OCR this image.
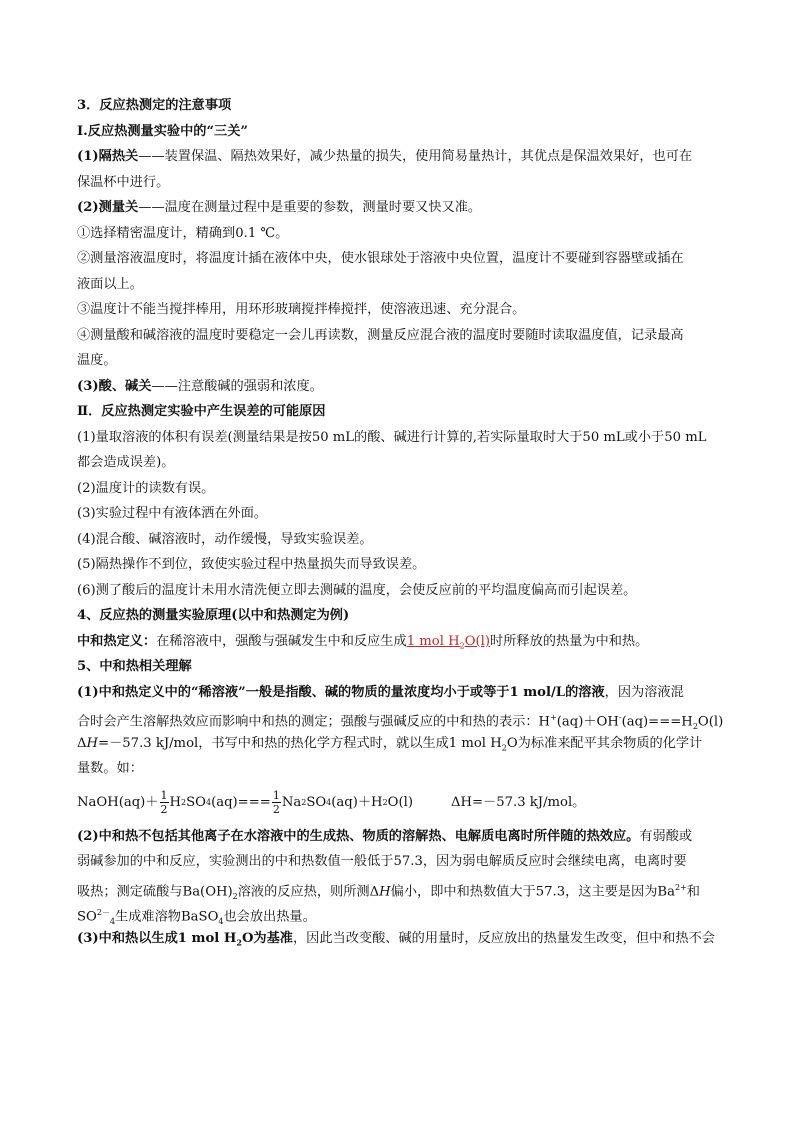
3．反应热测定的注意事项
Ⅰ.反应热测量实验中的“三关”
(1)隔热关——装置保温、隔热效果好，减少热量的损失，使用简易量热计，其优点是保温效果好，也可在
保温杯中进行。
(2)测量关——温度在测量过程中是重要的参数，测量时要又快又准。
①选择精密温度计，精确到0.1 ℃。
②测量溶液温度时，将温度计插在液体中央，使水银球处于溶液中央位置，温度计不要碰到容器壁或插在
液面以上。
③温度计不能当搅拌棒用，用环形玻璃搅拌棒搅拌，使溶液迅速、充分混合。
④测量酸和碱溶液的温度时要稳定一会儿再读数，测量反应混合液的温度时要随时读取温度值，记录最高
温度。
(3)酸、碱关——注意酸碱的强弱和浓度。
Ⅱ．反应热测定实验中产生误差的可能原因
(1)量取溶液的体积有误差(测量结果是按50 mL的酸、碱进行计算的,若实际量取时大于50 mL或小于50 mL
都会造成误差)。
(2)温度计的读数有误。
(3)实验过程中有液体洒在外面。
(4)混合酸、碱溶液时，动作缓慢，导致实验误差。
(5)隔热操作不到位，致使实验过程中热量损失而导致误差。
(6)测了酸后的温度计未用水清洗便立即去测碱的温度，会使反应前的平均温度偏高而引起误差。
4、反应热的测量实验原理(以中和热测定为例)
中和热定义：在稀溶液中，强酸与强碱发生中和反应生成1 mol $H_2O(l)$时所释放的热量为中和热。
5、中和热相关理解
(1)中和热定义中的“稀溶液”一般是指酸、碱的物质的量浓度均小于或等于1 mol/L的溶液，因为溶液混
合时会产生溶解热效应而影响中和热的测定；强酸与强碱反应的中和热的表示：$H^+(aq)+OH^-(aq)===H_2O(l)$
ΔH=－57.3 kJ/mol，书写中和热的热化学方程式时，就以生成1 mol $H_2O$为标准来配平其余物质的化学计
量数。如：
NaOH(aq)＋ $\frac{1}{2}$ H 2 SO 4 $(aq)=== \frac{1}{2}$ Na 2 SO 4 (aq)＋H 2 O(l)	ΔH=－57.3 kJ/mol。
(2)中和热不包括其他离子在水溶液中的生成热、物质的溶解热、电解质电离时所伴随的热效应。有弱酸或
弱碱参加的中和反应，实验测出的中和热数值一般低于57.3，因为弱电解质反应时会继续电离，电离时要
吸热；测定硫酸与$Ba(OH)_2$溶液的反应热，则所测ΔH偏小，即中和热数值大于57.3，这主要是因为$Ba^{2+}$和
$SO^{2-}_4$生成难溶物BaSO$_4$也会放出热量。
(3)中和热以生成1 mol $H_2O$为基准，因此当改变酸、碱的用量时，反应放出的热量发生改变，但中和热不会
